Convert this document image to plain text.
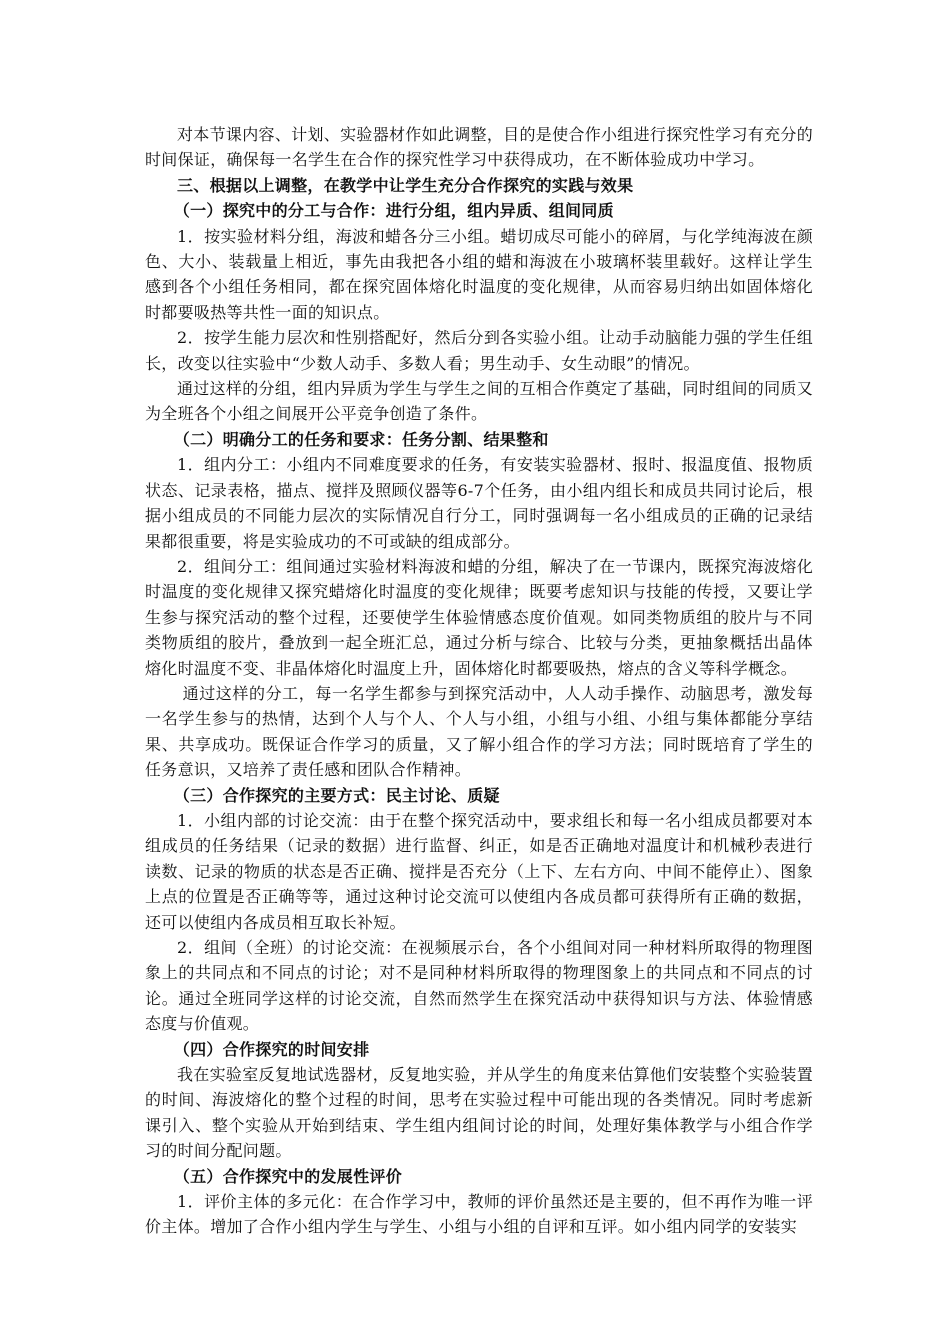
对本节课内容、计划、实验器材作如此调整，目的是使合作小组进行探究性学习有充分的时间保证，确保每一名学生在合作的探究性学习中获得成功，在不断体验成功中学习。

三、根据以上调整，在教学中让学生充分合作探究的实践与效果

（一）探究中的分工与合作：进行分组，组内异质、组间同质

1．按实验材料分组，海波和蜡各分三小组。蜡切成尽可能小的碎屑，与化学纯海波在颜色、大小、装载量上相近，事先由我把各小组的蜡和海波在小玻璃杯装里载好。这样让学生感到各个小组任务相同，都在探究固体熔化时温度的变化规律，从而容易归纳出如固体熔化时都要吸热等共性一面的知识点。

2．按学生能力层次和性别搭配好，然后分到各实验小组。让动手动脑能力强的学生任组长，改变以往实验中“少数人动手、多数人看；男生动手、女生动眼”的情况。

通过这样的分组，组内异质为学生与学生之间的互相合作奠定了基础，同时组间的同质又为全班各个小组之间展开公平竞争创造了条件。

（二）明确分工的任务和要求：任务分割、结果整和

1．组内分工：小组内不同难度要求的任务，有安装实验器材、报时、报温度值、报物质状态、记录表格，描点、搅拌及照顾仪器等6-7个任务，由小组内组长和成员共同讨论后，根据小组成员的不同能力层次的实际情况自行分工，同时强调每一名小组成员的正确的记录结果都很重要，将是实验成功的不可或缺的组成部分。

2．组间分工：组间通过实验材料海波和蜡的分组，解决了在一节课内，既探究海波熔化时温度的变化规律又探究蜡熔化时温度的变化规律；既要考虑知识与技能的传授，又要让学生参与探究活动的整个过程，还要使学生体验情感态度价值观。如同类物质组的胶片与不同类物质组的胶片，叠放到一起全班汇总，通过分析与综合、比较与分类，更抽象概括出晶体熔化时温度不变、非晶体熔化时温度上升，固体熔化时都要吸热，熔点的含义等科学概念。

通过这样的分工，每一名学生都参与到探究活动中，人人动手操作、动脑思考，激发每一名学生参与的热情，达到个人与个人、个人与小组，小组与小组、小组与集体都能分享结果、共享成功。既保证合作学习的质量，又了解小组合作的学习方法；同时既培育了学生的任务意识，又培养了责任感和团队合作精神。

（三）合作探究的主要方式：民主讨论、质疑

1．小组内部的讨论交流：由于在整个探究活动中，要求组长和每一名小组成员都要对本组成员的任务结果（记录的数据）进行监督、纠正，如是否正确地对温度计和机械秒表进行读数、记录的物质的状态是否正确、搅拌是否充分（上下、左右方向、中间不能停止）、图象上点的位置是否正确等等，通过这种讨论交流可以使组内各成员都可获得所有正确的数据，还可以使组内各成员相互取长补短。

2．组间（全班）的讨论交流：在视频展示台，各个小组间对同一种材料所取得的物理图象上的共同点和不同点的讨论；对不是同种材料所取得的物理图象上的共同点和不同点的讨论。通过全班同学这样的讨论交流，自然而然学生在探究活动中获得知识与方法、体验情感态度与价值观。

（四）合作探究的时间安排

我在实验室反复地试选器材，反复地实验，并从学生的角度来估算他们安装整个实验装置的时间、海波熔化的整个过程的时间，思考在实验过程中可能出现的各类情况。同时考虑新课引入、整个实验从开始到结束、学生组内组间讨论的时间，处理好集体教学与小组合作学习的时间分配问题。

（五）合作探究中的发展性评价

1．评价主体的多元化：在合作学习中，教师的评价虽然还是主要的，但不再作为唯一评价主体。增加了合作小组内学生与学生、小组与小组的自评和互评。如小组内同学的安装实
